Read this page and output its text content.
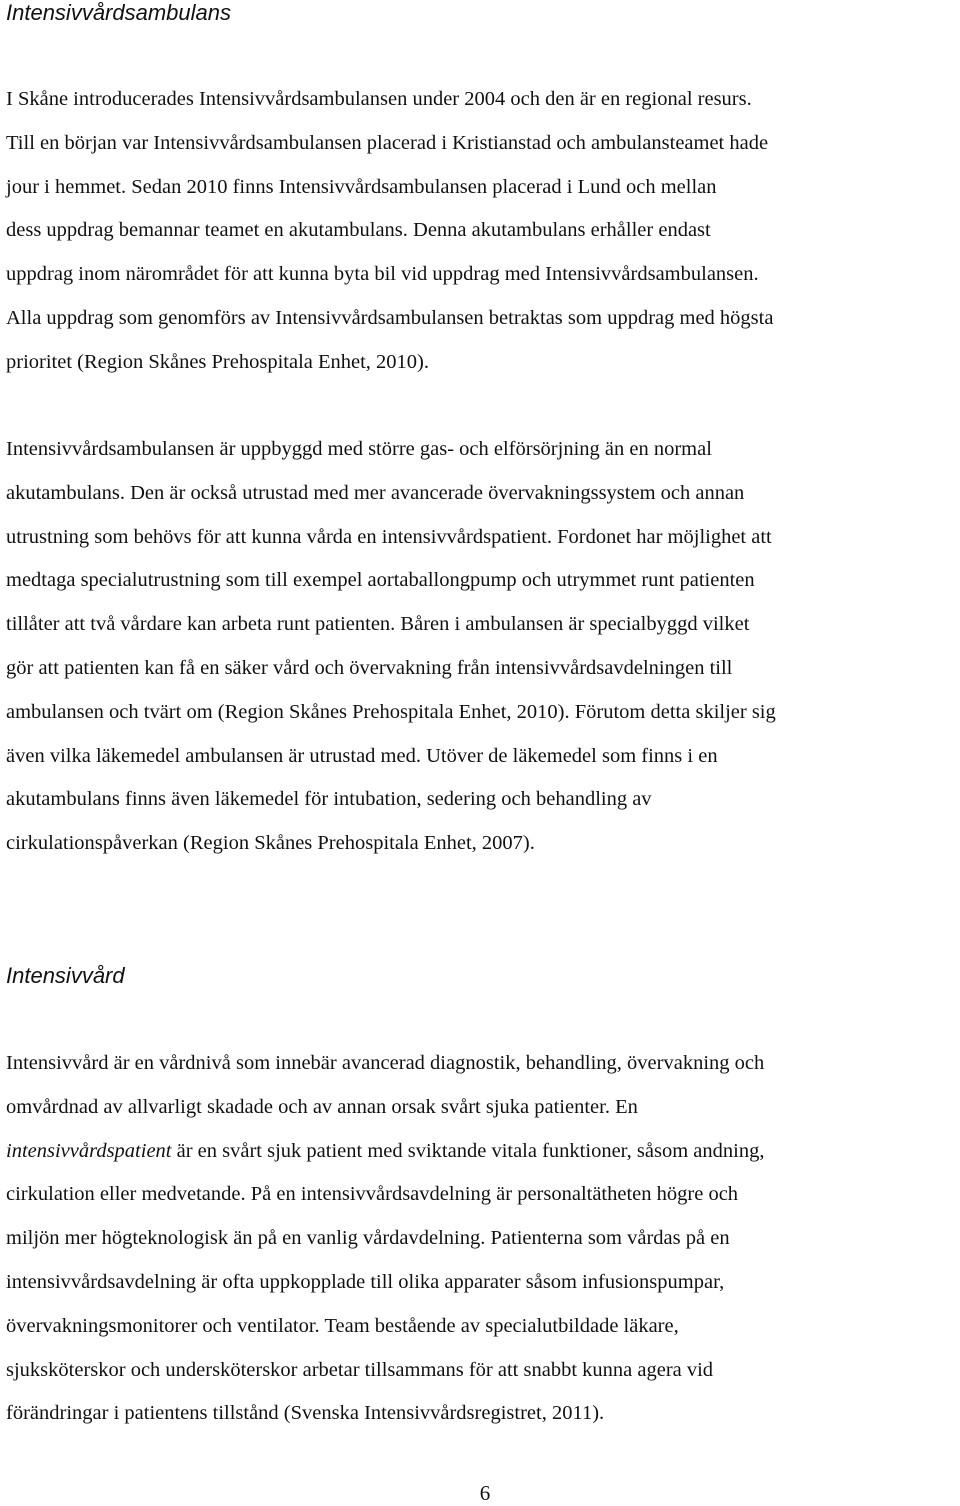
Intensivvårdsambulans
I Skåne introducerades Intensivvårdsambulansen under 2004 och den är en regional resurs.
Till en början var Intensivvårdsambulansen placerad i Kristianstad och ambulansteamet hade
jour i hemmet. Sedan 2010 finns Intensivvårdsambulansen placerad i Lund och mellan
dess uppdrag bemannar teamet en akutambulans. Denna akutambulans erhåller endast
uppdrag inom närområdet för att kunna byta bil vid uppdrag med Intensivvårdsambulansen.
Alla uppdrag som genomförs av Intensivvårdsambulansen betraktas som uppdrag med högsta
prioritet (Region Skånes Prehospitala Enhet, 2010).
Intensivvårdsambulansen är uppbyggd med större gas- och elförsörjning än en normal
akutambulans. Den är också utrustad med mer avancerade övervakningssystem och annan
utrustning som behövs för att kunna vårda en intensivvårdspatient. Fordonet har möjlighet att
medtaga specialutrustning som till exempel aortaballongpump och utrymmet runt patienten
tillåter att två vårdare kan arbeta runt patienten. Båren i ambulansen är specialbyggd vilket
gör att patienten kan få en säker vård och övervakning från intensivvårdsavdelningen till
ambulansen och tvärt om (Region Skånes Prehospitala Enhet, 2010). Förutom detta skiljer sig
även vilka läkemedel ambulansen är utrustad med. Utöver de läkemedel som finns i en
akutambulans finns även läkemedel för intubation, sedering och behandling av
cirkulationspåverkan (Region Skånes Prehospitala Enhet, 2007).
Intensivvård
Intensivvård är en vårdnivå som innebär avancerad diagnostik, behandling, övervakning och
omvårdnad av allvarligt skadade och av annan orsak svårt sjuka patienter. En
intensivvårdspatient är en svårt sjuk patient med sviktande vitala funktioner, såsom andning,
cirkulation eller medvetande. På en intensivvårdsavdelning är personaltätheten högre och
miljön mer högteknologisk än på en vanlig vårdavdelning. Patienterna som vårdas på en
intensivvårdsavdelning är ofta uppkopplade till olika apparater såsom infusionspumpar,
övervakningsmonitorer och ventilator. Team bestående av specialutbildade läkare,
sjuksköterskor och undersköterskor arbetar tillsammans för att snabbt kunna agera vid
förändringar i patientens tillstånd (Svenska Intensivvårdsregistret, 2011).
6
